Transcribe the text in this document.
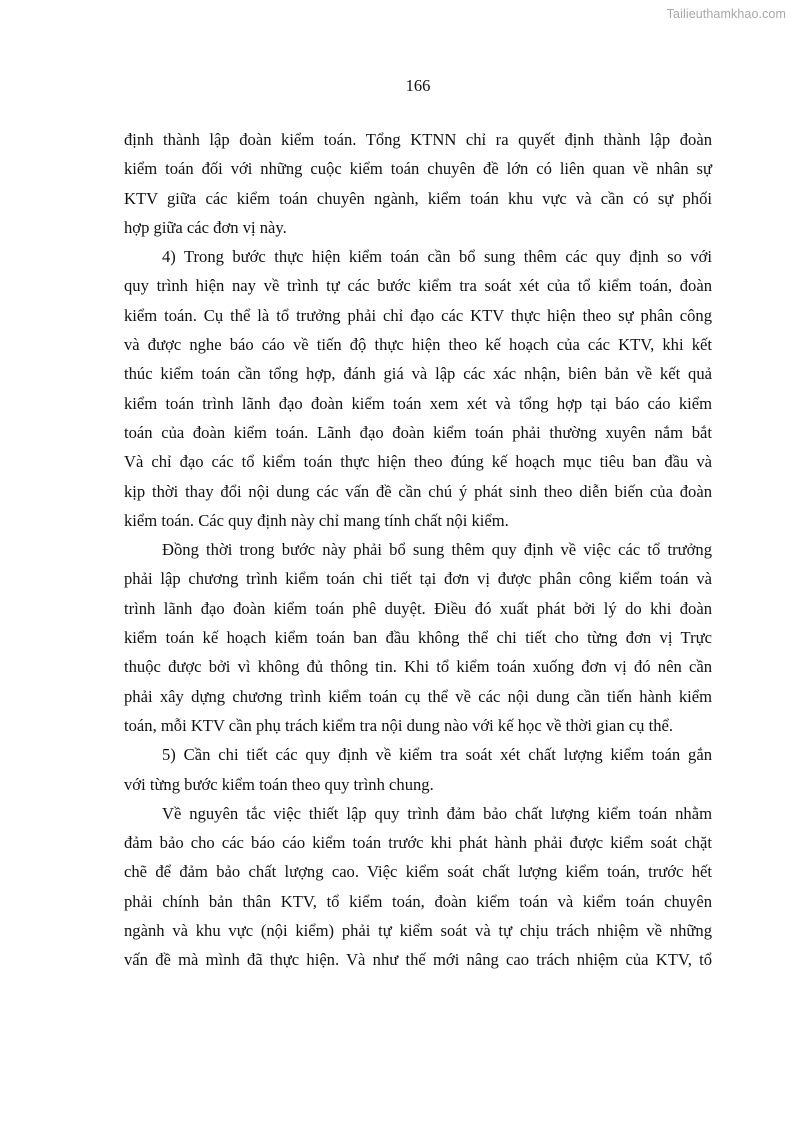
Tailieuthamkhao.com
166
định thành lập đoàn kiểm toán. Tổng KTNN chỉ ra quyết định thành lập đoàn
kiểm toán đối với những cuộc kiểm toán chuyên đề lớn có liên quan về nhân sự
KTV giữa các kiểm toán chuyên ngành, kiểm toán khu vực và cần có sự phối
hợp giữa các đơn vị này.
4) Trong bước thực hiện kiểm toán cần bổ sung thêm các quy định so với
quy trình hiện nay về trình tự các bước kiểm tra soát xét của tổ kiểm toán, đoàn
kiểm toán. Cụ thể là tổ trưởng phải chỉ đạo các KTV thực hiện theo sự phân công
và được nghe báo cáo về tiến độ thực hiện theo kế hoạch của các KTV, khi kết
thúc kiểm toán cần tổng hợp, đánh giá và lập các xác nhận, biên bản về kết quả
kiểm toán trình lãnh đạo đoàn kiểm toán xem xét và tổng hợp tại báo cáo kiểm
toán của đoàn kiểm toán. Lãnh đạo đoàn kiểm toán phải thường xuyên nắm bắt
Và chỉ đạo các tổ kiểm toán thực hiện theo đúng kế hoạch mục tiêu ban đầu và
kịp thời thay đổi nội dung các vấn đề cần chú ý phát sinh theo diễn biến của đoàn
kiểm toán. Các quy định này chỉ mang tính chất nội kiểm.
Đồng thời trong bước này phải bổ sung thêm quy định về việc các tổ trưởng
phải lập chương trình kiểm toán chi tiết tại đơn vị được phân công kiểm toán và
trình lãnh đạo đoàn kiểm toán phê duyệt. Điều đó xuất phát bởi lý do khi đoàn
kiểm toán kế hoạch kiểm toán ban đầu không thể chi tiết cho từng đơn vị Trực
thuộc được bởi vì không đủ thông tin. Khi tổ kiểm toán xuống đơn vị đó nên cần
phải xây dựng chương trình kiểm toán cụ thể về các nội dung cần tiến hành kiểm
toán, mỗi KTV cần phụ trách kiểm tra nội dung nào với kế học về thời gian cụ thể.
5) Cần chi tiết các quy định về kiểm tra soát xét chất lượng kiểm toán gắn
với từng bước kiểm toán theo quy trình chung.
Về nguyên tắc việc thiết lập quy trình đảm bảo chất lượng kiểm toán nhằm
đảm bảo cho các báo cáo kiểm toán trước khi phát hành phải được kiểm soát chặt
chẽ để đảm bảo chất lượng cao. Việc kiểm soát chất lượng kiểm toán, trước hết
phải chính bản thân KTV, tổ kiểm toán, đoàn kiểm toán và kiểm toán chuyên
ngành và khu vực (nội kiểm) phải tự kiểm soát và tự chịu trách nhiệm về những
vấn đề mà mình đã thực hiện. Và như thế mới nâng cao trách nhiệm của KTV, tổ
